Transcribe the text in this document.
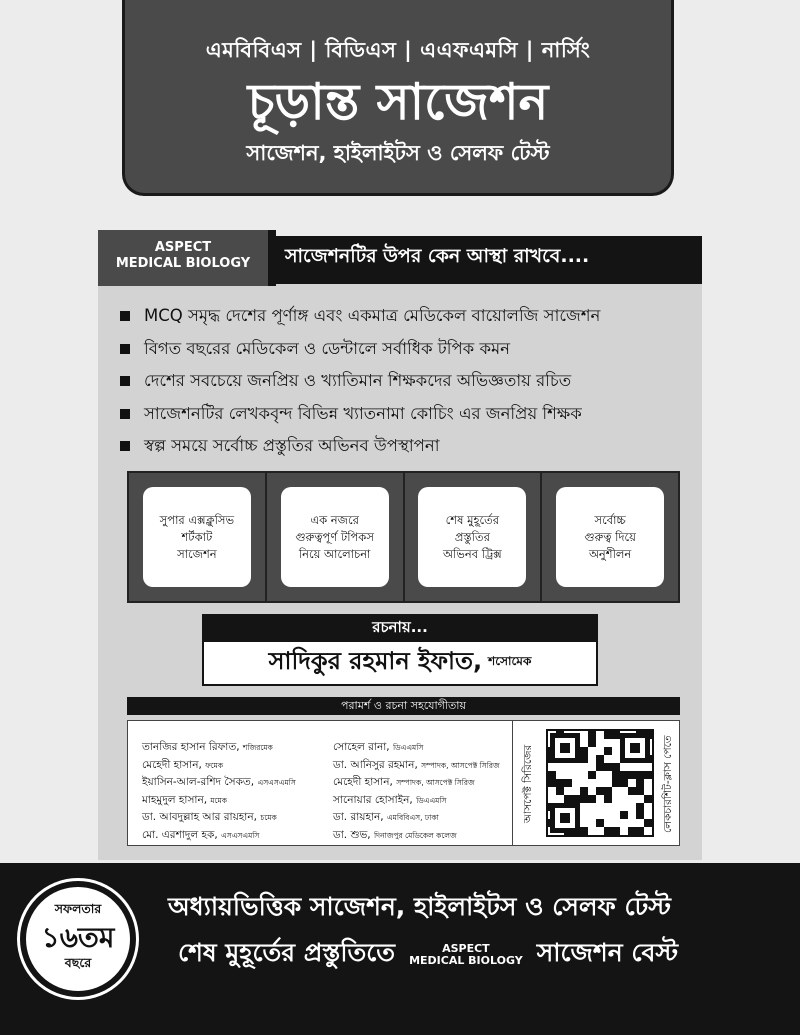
এমবিবিএস | বিডিএস | এএফএমসি | নার্সিং
চূড়ান্ত সাজেশন
সাজেশন, হাইলাইটস ও সেলফ টেস্ট
ASPECT
MEDICAL BIOLOGY	সাজেশনটির উপর কেন আস্থা রাখবে....
MCQ সমৃদ্ধ দেশের পূর্ণাঙ্গ এবং একমাত্র মেডিকেল বায়োলজি সাজেশন
বিগত বছরের মেডিকেল ও ডেন্টালে সর্বাধিক টপিক কমন
দেশের সবচেয়ে জনপ্রিয় ও খ্যাতিমান শিক্ষকদের অভিজ্ঞতায় রচিত
সাজেশনটির লেখকবৃন্দ বিভিন্ন খ্যাতনামা কোচিং এর জনপ্রিয় শিক্ষক
স্বল্প সময়ে সর্বোচ্চ প্রস্তুতির অভিনব উপস্থাপনা
সুপার এক্সক্লুসিভ
শর্টকাট
সাজেশন
এক নজরে
গুরুত্বপূর্ণ টপিকস
নিয়ে আলোচনা
শেষ মুহূর্তের
প্রস্তুতির
অভিনব ট্রিক্স
সর্বোচ্চ
গুরুত্ব দিয়ে
অনুশীলন
রচনায়...
সাদিকুর রহমান ইফাত, শসোমেক
পরামর্শ ও রচনা সহযোগীতায়
তানজির হাসান রিফাত, শজিরমেক
মেহেদী হাসান, ফমেক
ইয়াসিন-আল-রশিদ সৈকত, এসএসএমসি
মাহমুদুল হাসান, মমেক
ডা. আবদুল্লাহ আর রায়হান, চমেক
মো. এরশাদুল হক, এসএসএমসি
সোহেল রানা, ডিএএমসি
ডা. আনিসুর রহমান, সম্পাদক, আসপেক্ট সিরিজ
মেহেদী হাসান, সম্পাদক, আসপেক্ট সিরিজ
সানোয়ার হোসাইন, ডিএএমসি
ডা. রায়হান, এমবিবিএস, ঢাকা
ডা. শুভ, দিনাজপুর মেডিকেল কলেজ
আসপেক্ট সিরিজের	লেকচারশিট-ক্লাস পেতে
সফলতার
১৬তম
বছরে
অধ্যায়ভিত্তিক সাজেশন, হাইলাইটস ও সেলফ টেস্ট
শেষ মুহূর্তের প্রস্তুতিতে	ASPECT
MEDICAL BIOLOGY সাজেশন বেস্ট
